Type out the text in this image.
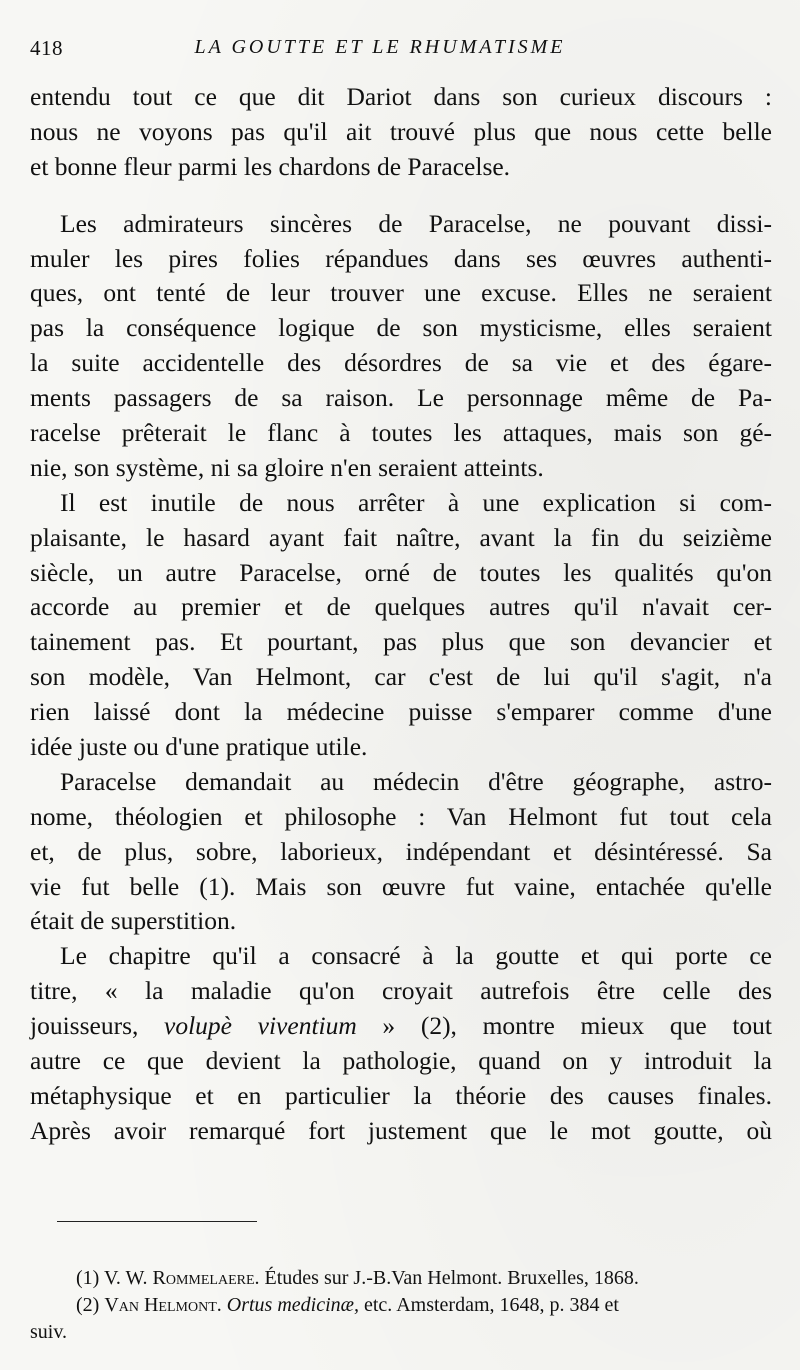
418	LA GOUTTE ET LE RHUMATISME
entendu tout ce que dit Dariot dans son curieux discours :
nous ne voyons pas qu'il ait trouvé plus que nous cette belle
et bonne fleur parmi les chardons de Paracelse.
Les admirateurs sincères de Paracelse, ne pouvant dissi-
muler les pires folies répandues dans ses œuvres authenti-
ques, ont tenté de leur trouver une excuse. Elles ne seraient
pas la conséquence logique de son mysticisme, elles seraient
la suite accidentelle des désordres de sa vie et des égare-
ments passagers de sa raison. Le personnage même de Pa-
racelse prêterait le flanc à toutes les attaques, mais son gé-
nie, son système, ni sa gloire n'en seraient atteints.
Il est inutile de nous arrêter à une explication si com-
plaisante, le hasard ayant fait naître, avant la fin du seizième
siècle, un autre Paracelse, orné de toutes les qualités qu'on
accorde au premier et de quelques autres qu'il n'avait cer-
tainement pas. Et pourtant, pas plus que son devancier et
son modèle, Van Helmont, car c'est de lui qu'il s'agit, n'a
rien laissé dont la médecine puisse s'emparer comme d'une
idée juste ou d'une pratique utile.
Paracelse demandait au médecin d'être géographe, astro-
nome, théologien et philosophe : Van Helmont fut tout cela
et, de plus, sobre, laborieux, indépendant et désintéressé. Sa
vie fut belle (1). Mais son œuvre fut vaine, entachée qu'elle
était de superstition.
Le chapitre qu'il a consacré à la goutte et qui porte ce
titre, « la maladie qu'on croyait autrefois être celle des
jouisseurs, volupè viventium » (2), montre mieux que tout
autre ce que devient la pathologie, quand on y introduit la
métaphysique et en particulier la théorie des causes finales.
Après avoir remarqué fort justement que le mot goutte, où
(1) V. W. Rommelaere. Études sur J.-B.Van Helmont. Bruxelles, 1868.
(2) Van Helmont. Ortus medicinæ, etc. Amsterdam, 1648, p. 384 et
suiv.
